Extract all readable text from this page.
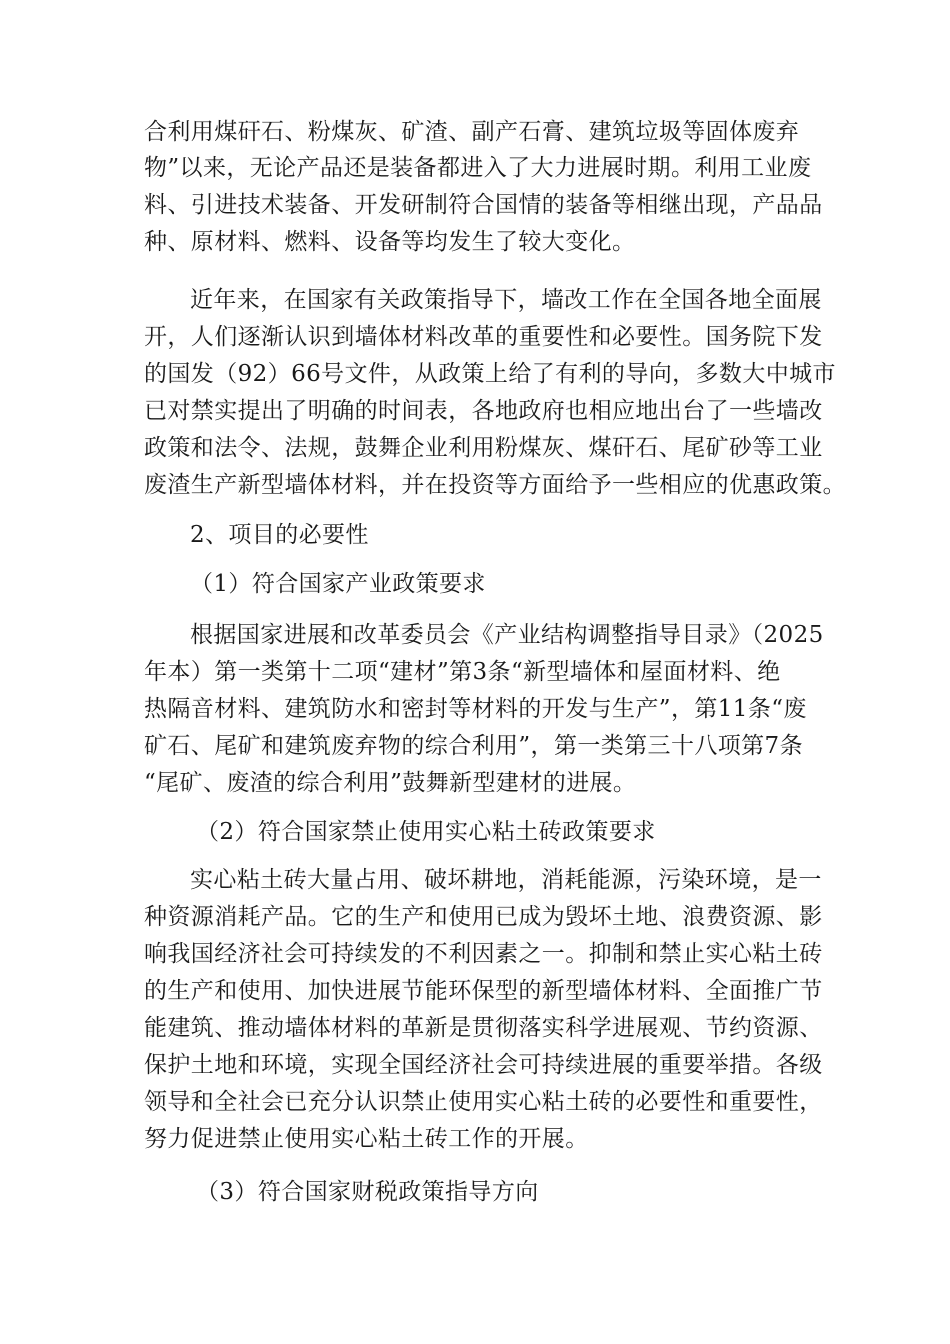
合利用煤矸石、粉煤灰、矿渣、副产石膏、建筑垃圾等固体废弃
物”以来，无论产品还是装备都进入了大力进展时期。利用工业废
料、引进技术装备、开发研制符合国情的装备等相继出现，产品品
种、原材料、燃料、设备等均发生了较大变化。
近年来，在国家有关政策指导下，墙改工作在全国各地全面展
开，人们逐渐认识到墙体材料改革的重要性和必要性。国务院下发
的国发（92）66号文件，从政策上给了有利的导向，多数大中城市
已对禁实提出了明确的时间表，各地政府也相应地出台了一些墙改
政策和法令、法规，鼓舞企业利用粉煤灰、煤矸石、尾矿砂等工业
废渣生产新型墙体材料，并在投资等方面给予一些相应的优惠政策。
2、项目的必要性
（1）符合国家产业政策要求
根据国家进展和改革委员会《产业结构调整指导目录》（2025
年本）第一类第十二项“建材”第3条“新型墙体和屋面材料、绝
热隔音材料、建筑防水和密封等材料的开发与生产”，第11条“废
矿石、尾矿和建筑废弃物的综合利用”，第一类第三十八项第7条
“尾矿、废渣的综合利用”鼓舞新型建材的进展。
（2）符合国家禁止使用实心粘土砖政策要求
实心粘土砖大量占用、破坏耕地，消耗能源，污染环境，是一
种资源消耗产品。它的生产和使用已成为毁坏土地、浪费资源、影
响我国经济社会可持续发的不利因素之一。抑制和禁止实心粘土砖
的生产和使用、加快进展节能环保型的新型墙体材料、全面推广节
能建筑、推动墙体材料的革新是贯彻落实科学进展观、节约资源、
保护土地和环境，实现全国经济社会可持续进展的重要举措。各级
领导和全社会已充分认识禁止使用实心粘土砖的必要性和重要性，
努力促进禁止使用实心粘土砖工作的开展。
（3）符合国家财税政策指导方向
